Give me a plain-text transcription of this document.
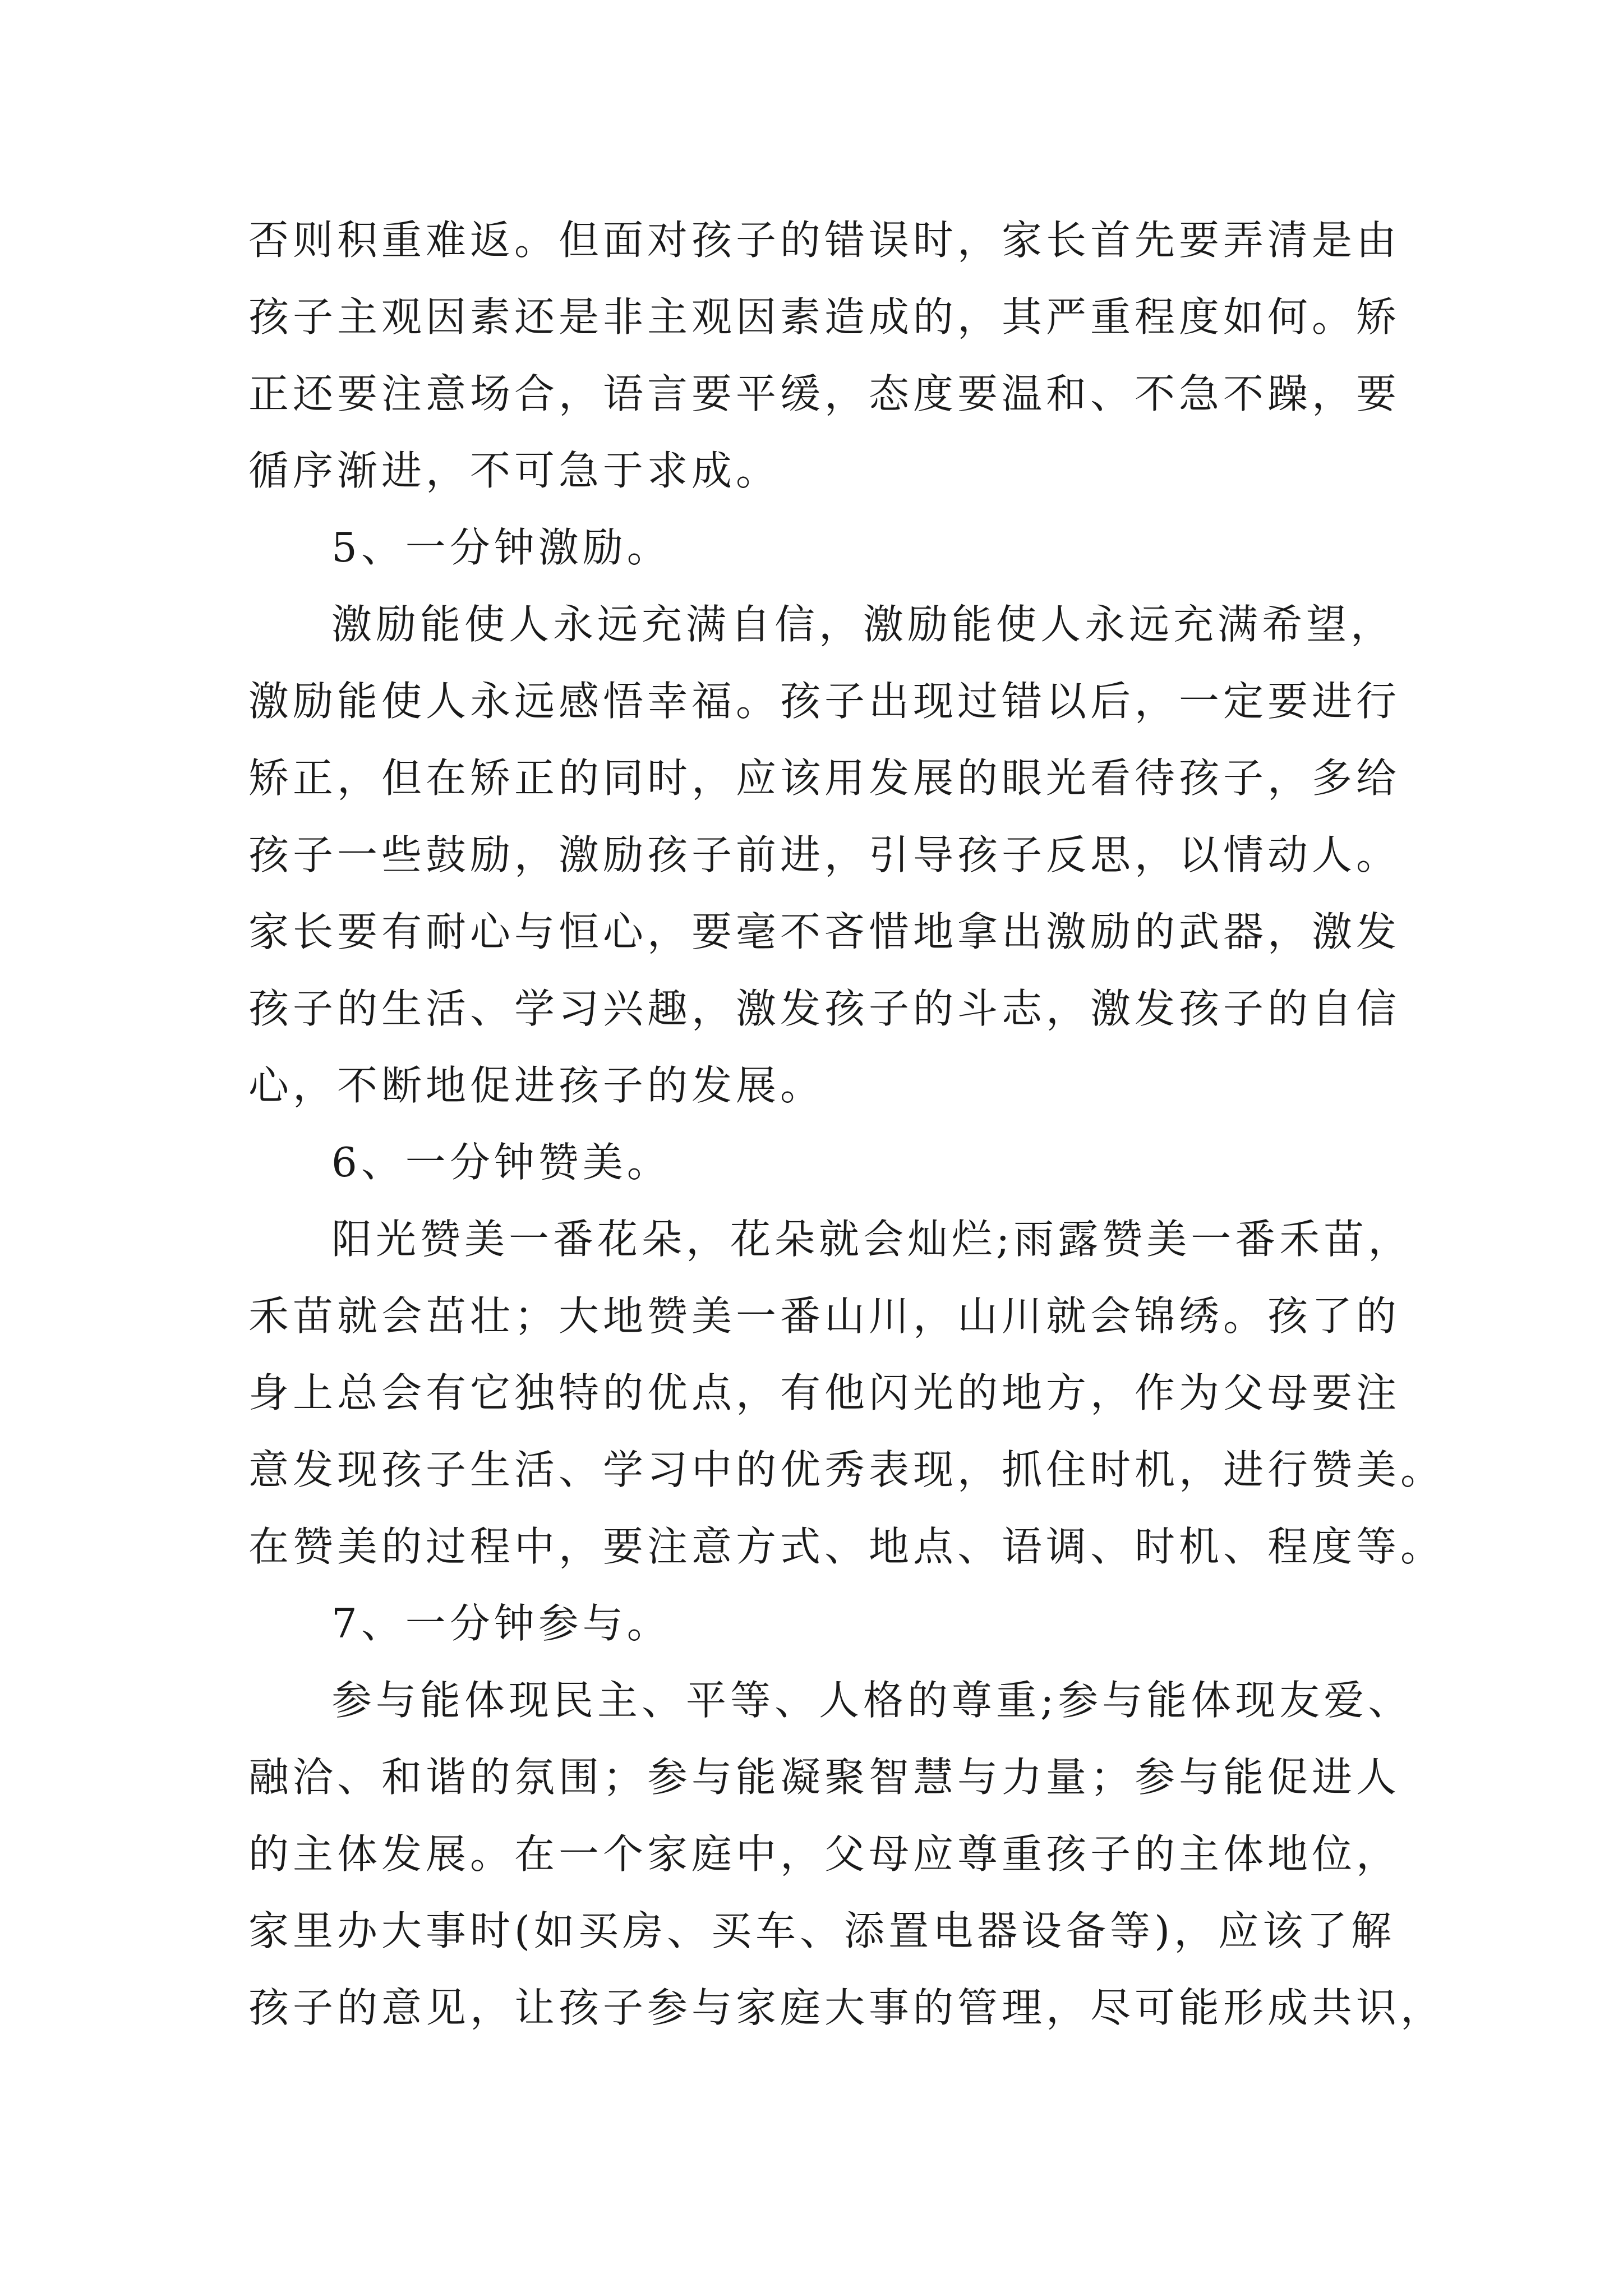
否则积重难返。但面对孩子的错误时，家长首先要弄清是由
孩子主观因素还是非主观因素造成的，其严重程度如何。矫
正还要注意场合，语言要平缓，态度要温和、不急不躁，要
循序渐进，不可急于求成。
5、一分钟激励。
激励能使人永远充满自信，激励能使人永远充满希望，
激励能使人永远感悟幸福。孩子出现过错以后，一定要进行
矫正，但在矫正的同时，应该用发展的眼光看待孩子，多给
孩子一些鼓励，激励孩子前进，引导孩子反思，以情动人。
家长要有耐心与恒心，要毫不吝惜地拿出激励的武器，激发
孩子的生活、学习兴趣，激发孩子的斗志，激发孩子的自信
心，不断地促进孩子的发展。
6、一分钟赞美。
阳光赞美一番花朵，花朵就会灿烂;雨露赞美一番禾苗，
禾苗就会茁壮；大地赞美一番山川，山川就会锦绣。孩了的
身上总会有它独特的优点，有他闪光的地方，作为父母要注
意发现孩子生活、学习中的优秀表现，抓住时机，进行赞美。
在赞美的过程中，要注意方式、地点、语调、时机、程度等。
7、一分钟参与。
参与能体现民主、平等、人格的尊重;参与能体现友爱、
融洽、和谐的氛围；参与能凝聚智慧与力量；参与能促进人
的主体发展。在一个家庭中，父母应尊重孩子的主体地位，
家里办大事时(如买房、买车、添置电器设备等)，应该了解
孩子的意见，让孩子参与家庭大事的管理，尽可能形成共识，
